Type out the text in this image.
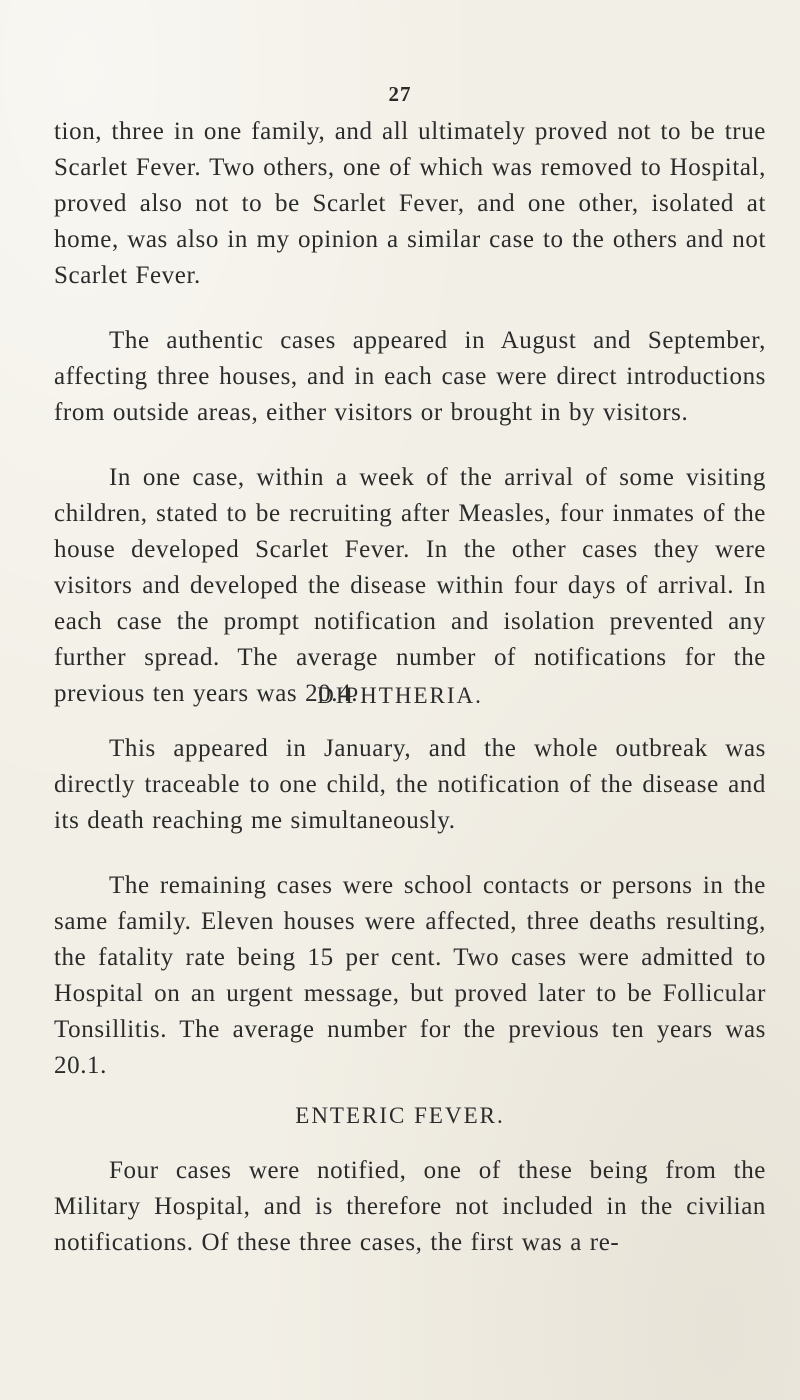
27

tion, three in one family, and all ultimately proved not to be true Scarlet Fever. Two others, one of which was removed to Hospital, proved also not to be Scarlet Fever, and one other, isolated at home, was also in my opinion a similar case to the others and not Scarlet Fever.

The authentic cases appeared in August and September, affecting three houses, and in each case were direct introductions from outside areas, either visitors or brought in by visitors.

In one case, within a week of the arrival of some visiting children, stated to be recruiting after Measles, four inmates of the house developed Scarlet Fever. In the other cases they were visitors and developed the disease within four days of arrival. In each case the prompt notification and isolation prevented any further spread. The average number of notifications for the previous ten years was 20.4.

DIPHTHERIA.

This appeared in January, and the whole outbreak was directly traceable to one child, the notification of the disease and its death reaching me simultaneously.

The remaining cases were school contacts or persons in the same family. Eleven houses were affected, three deaths resulting, the fatality rate being 15 per cent. Two cases were admitted to Hospital on an urgent message, but proved later to be Follicular Tonsillitis. The average number for the previous ten years was 20.1.

ENTERIC FEVER.

Four cases were notified, one of these being from the Military Hospital, and is therefore not included in the civilian notifications. Of these three cases, the first was a re-
